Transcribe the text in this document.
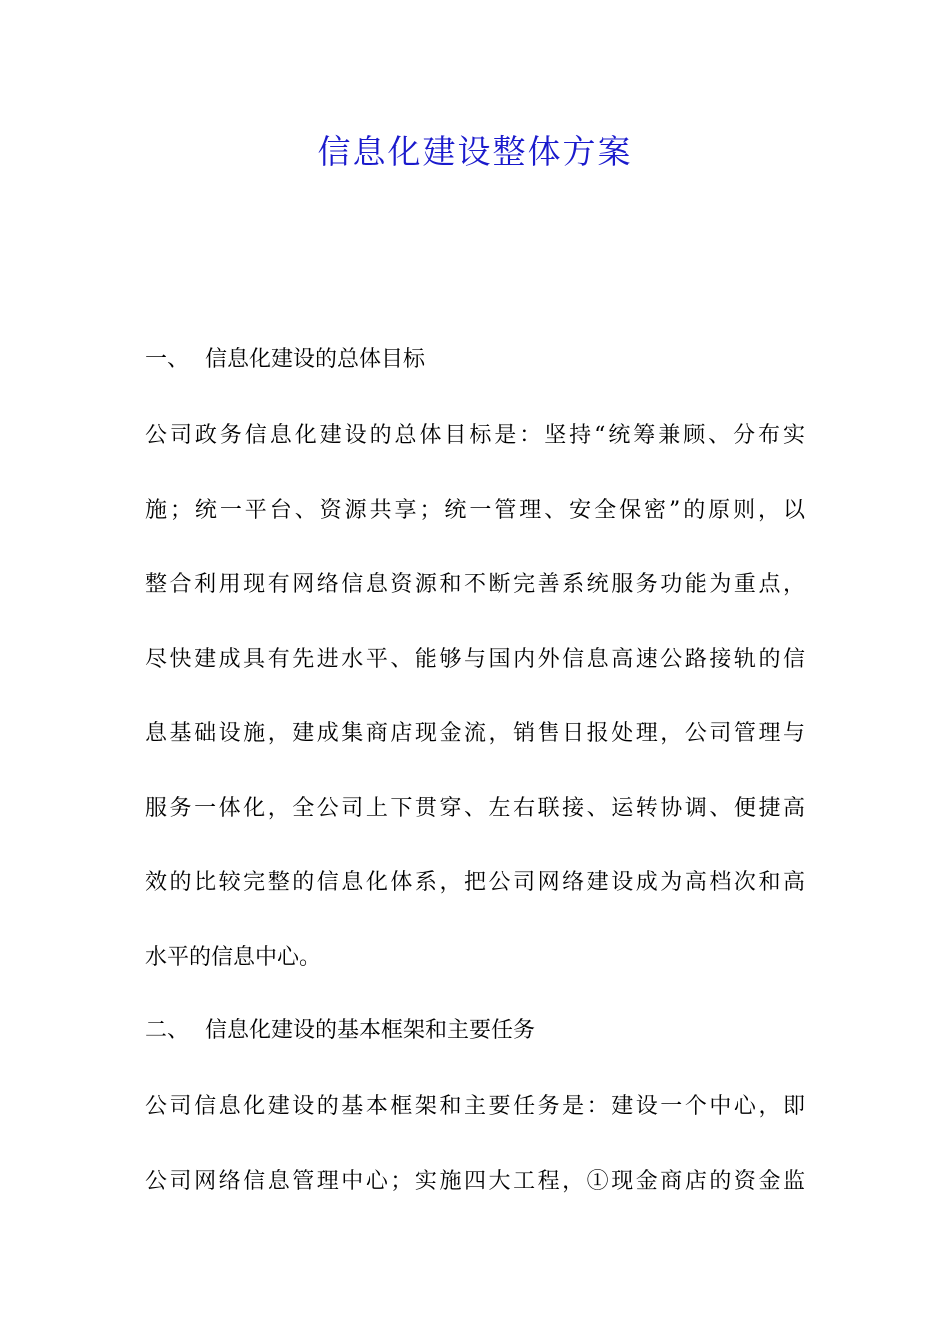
信息化建设整体方案
一、 信息化建设的总体目标
公司政务信息化建设的总体目标是：坚持“统筹兼顾、分布实
施；统一平台、资源共享；统一管理、安全保密”的原则，以
整合利用现有网络信息资源和不断完善系统服务功能为重点，
尽快建成具有先进水平、能够与国内外信息高速公路接轨的信
息基础设施，建成集商店现金流，销售日报处理，公司管理与
服务一体化，全公司上下贯穿、左右联接、运转协调、便捷高
效的比较完整的信息化体系，把公司网络建设成为高档次和高
水平的信息中心。
二、 信息化建设的基本框架和主要任务
公司信息化建设的基本框架和主要任务是：建设一个中心，即
公司网络信息管理中心；实施四大工程，①现金商店的资金监
